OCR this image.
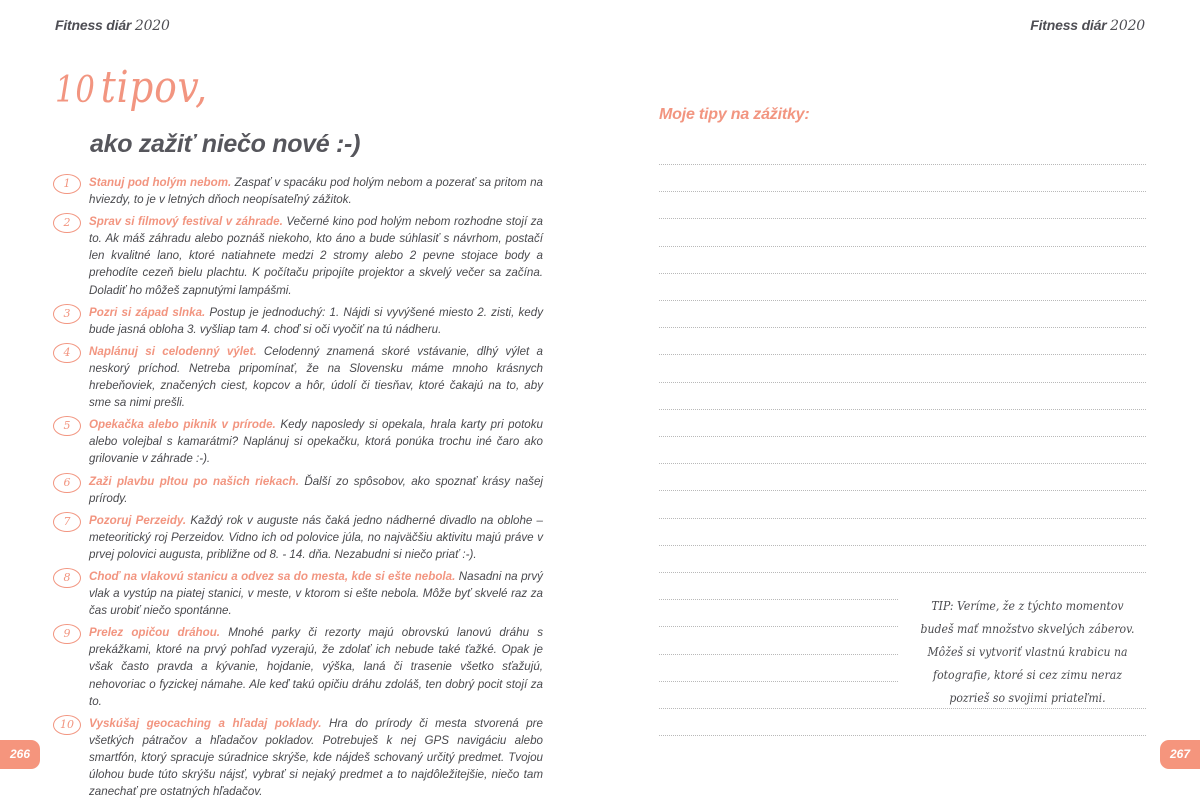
Fitness diár 2020
10 tipov,
ako zažiť niečo nové :-)
1	Stanuj pod holým nebom. Zaspať v spacáku pod holým nebom a pozerať sa pritom na hviezdy, to je v letných dňoch neopísateľný zážitok.
2	Sprav si filmový festival v záhrade. Večerné kino pod holým nebom rozhodne stojí za to. Ak máš záhradu alebo poznáš niekoho, kto áno a bude súhlasiť s návrhom, postačí len kvalitné lano, ktoré natiahnete medzi 2 stromy alebo 2 pevne stojace body a prehodíte cezeň bielu plachtu. K počítaču pripojíte projektor a skvelý večer sa začína. Doladiť ho môžeš zapnutými lampášmi.
3	Pozri si západ slnka. Postup je jednoduchý: 1. Nájdi si vyvýšené miesto 2. zisti, kedy bude jasná obloha 3. vyšliap tam 4. choď si oči vyočiť na tú nádheru.
4	Naplánuj si celodenný výlet. Celodenný znamená skoré vstávanie, dlhý výlet a neskorý príchod. Netreba pripomínať, že na Slovensku máme mnoho krásnych hrebeňoviek, značených ciest, kopcov a hôr, údolí či tiesňav, ktoré čakajú na to, aby sme sa nimi prešli.
5	Opekačka alebo piknik v prírode. Kedy naposledy si opekala, hrala karty pri potoku alebo volejbal s kamarátmi? Naplánuj si opekačku, ktorá ponúka trochu iné čaro ako grilovanie v záhrade :-).
6	Zaži plavbu pltou po našich riekach. Ďalší zo spôsobov, ako spoznať krásy našej prírody.
7	Pozoruj Perzeidy. Každý rok v auguste nás čaká jedno nádherné divadlo na oblohe – meteoritický roj Perzeidov. Vidno ich od polovice júla, no najväčšiu aktivitu majú práve v prvej polovici augusta, približne od 8. - 14. dňa. Nezabudni si niečo priať :-).
8	Choď na vlakovú stanicu a odvez sa do mesta, kde si ešte nebola. Nasadni na prvý vlak a vystúp na piatej stanici, v meste, v ktorom si ešte nebola. Môže byť skvelé raz za čas urobiť niečo spontánne.
9	Prelez opičou dráhou. Mnohé parky či rezorty majú obrovskú lanovú dráhu s prekážkami, ktoré na prvý pohľad vyzerajú, že zdolať ich nebude také ťažké. Opak je však často pravda a kývanie, hojdanie, výška, laná či trasenie všetko sťažujú, nehovoriac o fyzickej námahe. Ale keď takú opičiu dráhu zdoláš, ten dobrý pocit stojí za to.
10	Vyskúšaj geocaching a hľadaj poklady. Hra do prírody či mesta stvorená pre všetkých pátračov a hľadačov pokladov. Potrebuješ k nej GPS navigáciu alebo smartfón, ktorý spracuje súradnice skrýše, kde nájdeš schovaný určitý predmet. Tvojou úlohou bude túto skrýšu nájsť, vybrať si nejaký predmet a to najdôležitejšie, niečo tam zanechať pre ostatných hľadačov.
266
Fitness diár 2020
Moje tipy na zážitky:
TIP: Veríme, že z týchto momentov budeš mať množstvo skvelých záberov. Môžeš si vytvoriť vlastnú krabicu na fotografie, ktoré si cez zimu neraz pozrieš so svojimi priateľmi.
267
